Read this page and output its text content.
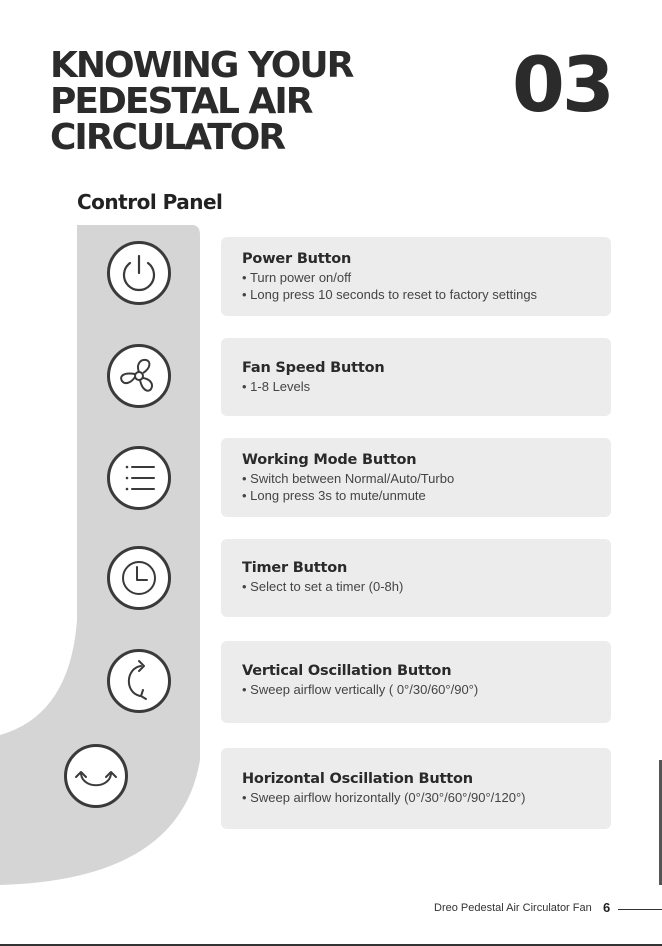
KNOWING YOUR
PEDESTAL AIR
CIRCULATOR
03
Control Panel
Power Button
• Turn power on/off
• Long press 10 seconds to reset to factory settings
Fan Speed Button
• 1-8 Levels
Working Mode Button
• Switch between Normal/Auto/Turbo
• Long press 3s to mute/unmute
Timer Button
• Select to set a timer (0-8h)
Vertical Oscillation Button
• Sweep airflow vertically ( 0°/30/60°/90°)
Horizontal Oscillation Button
• Sweep airflow horizontally (0°/30°/60°/90°/120°)
Dreo Pedestal Air Circulator Fan 6
